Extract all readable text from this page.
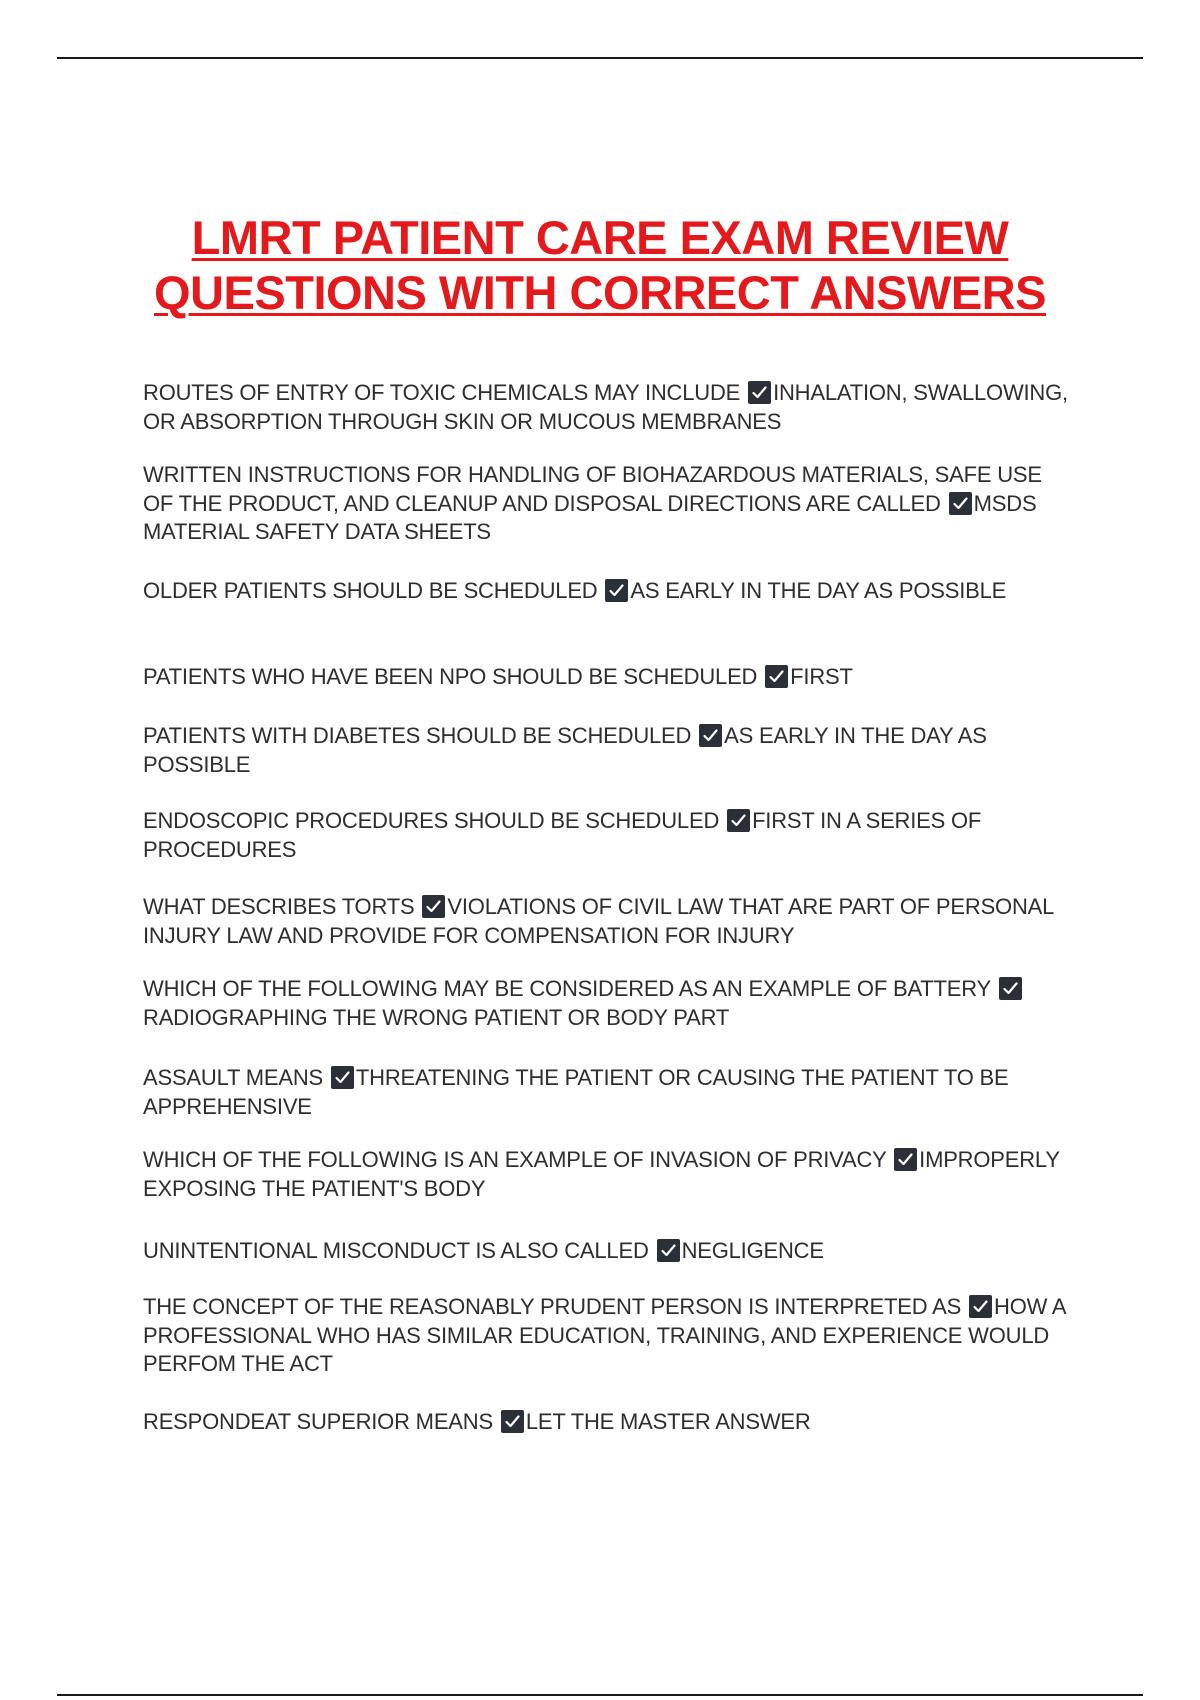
LMRT PATIENT CARE EXAM REVIEW
QUESTIONS WITH CORRECT ANSWERS

ROUTES OF ENTRY OF TOXIC CHEMICALS MAY INCLUDE INHALATION, SWALLOWING, OR ABSORPTION THROUGH SKIN OR MUCOUS MEMBRANES

WRITTEN INSTRUCTIONS FOR HANDLING OF BIOHAZARDOUS MATERIALS, SAFE USE OF THE PRODUCT, AND CLEANUP AND DISPOSAL DIRECTIONS ARE CALLED MSDS MATERIAL SAFETY DATA SHEETS

OLDER PATIENTS SHOULD BE SCHEDULED AS EARLY IN THE DAY AS POSSIBLE

PATIENTS WHO HAVE BEEN NPO SHOULD BE SCHEDULED FIRST

PATIENTS WITH DIABETES SHOULD BE SCHEDULED AS EARLY IN THE DAY AS POSSIBLE

ENDOSCOPIC PROCEDURES SHOULD BE SCHEDULED FIRST IN A SERIES OF PROCEDURES

WHAT DESCRIBES TORTS VIOLATIONS OF CIVIL LAW THAT ARE PART OF PERSONAL INJURY LAW AND PROVIDE FOR COMPENSATION FOR INJURY

WHICH OF THE FOLLOWING MAY BE CONSIDERED AS AN EXAMPLE OF BATTERY
RADIOGRAPHING THE WRONG PATIENT OR BODY PART

ASSAULT MEANS THREATENING THE PATIENT OR CAUSING THE PATIENT TO BE APPREHENSIVE

WHICH OF THE FOLLOWING IS AN EXAMPLE OF INVASION OF PRIVACY IMPROPERLY EXPOSING THE PATIENT'S BODY

UNINTENTIONAL MISCONDUCT IS ALSO CALLED NEGLIGENCE

THE CONCEPT OF THE REASONABLY PRUDENT PERSON IS INTERPRETED AS HOW A PROFESSIONAL WHO HAS SIMILAR EDUCATION, TRAINING, AND EXPERIENCE WOULD PERFOM THE ACT

RESPONDEAT SUPERIOR MEANS LET THE MASTER ANSWER
